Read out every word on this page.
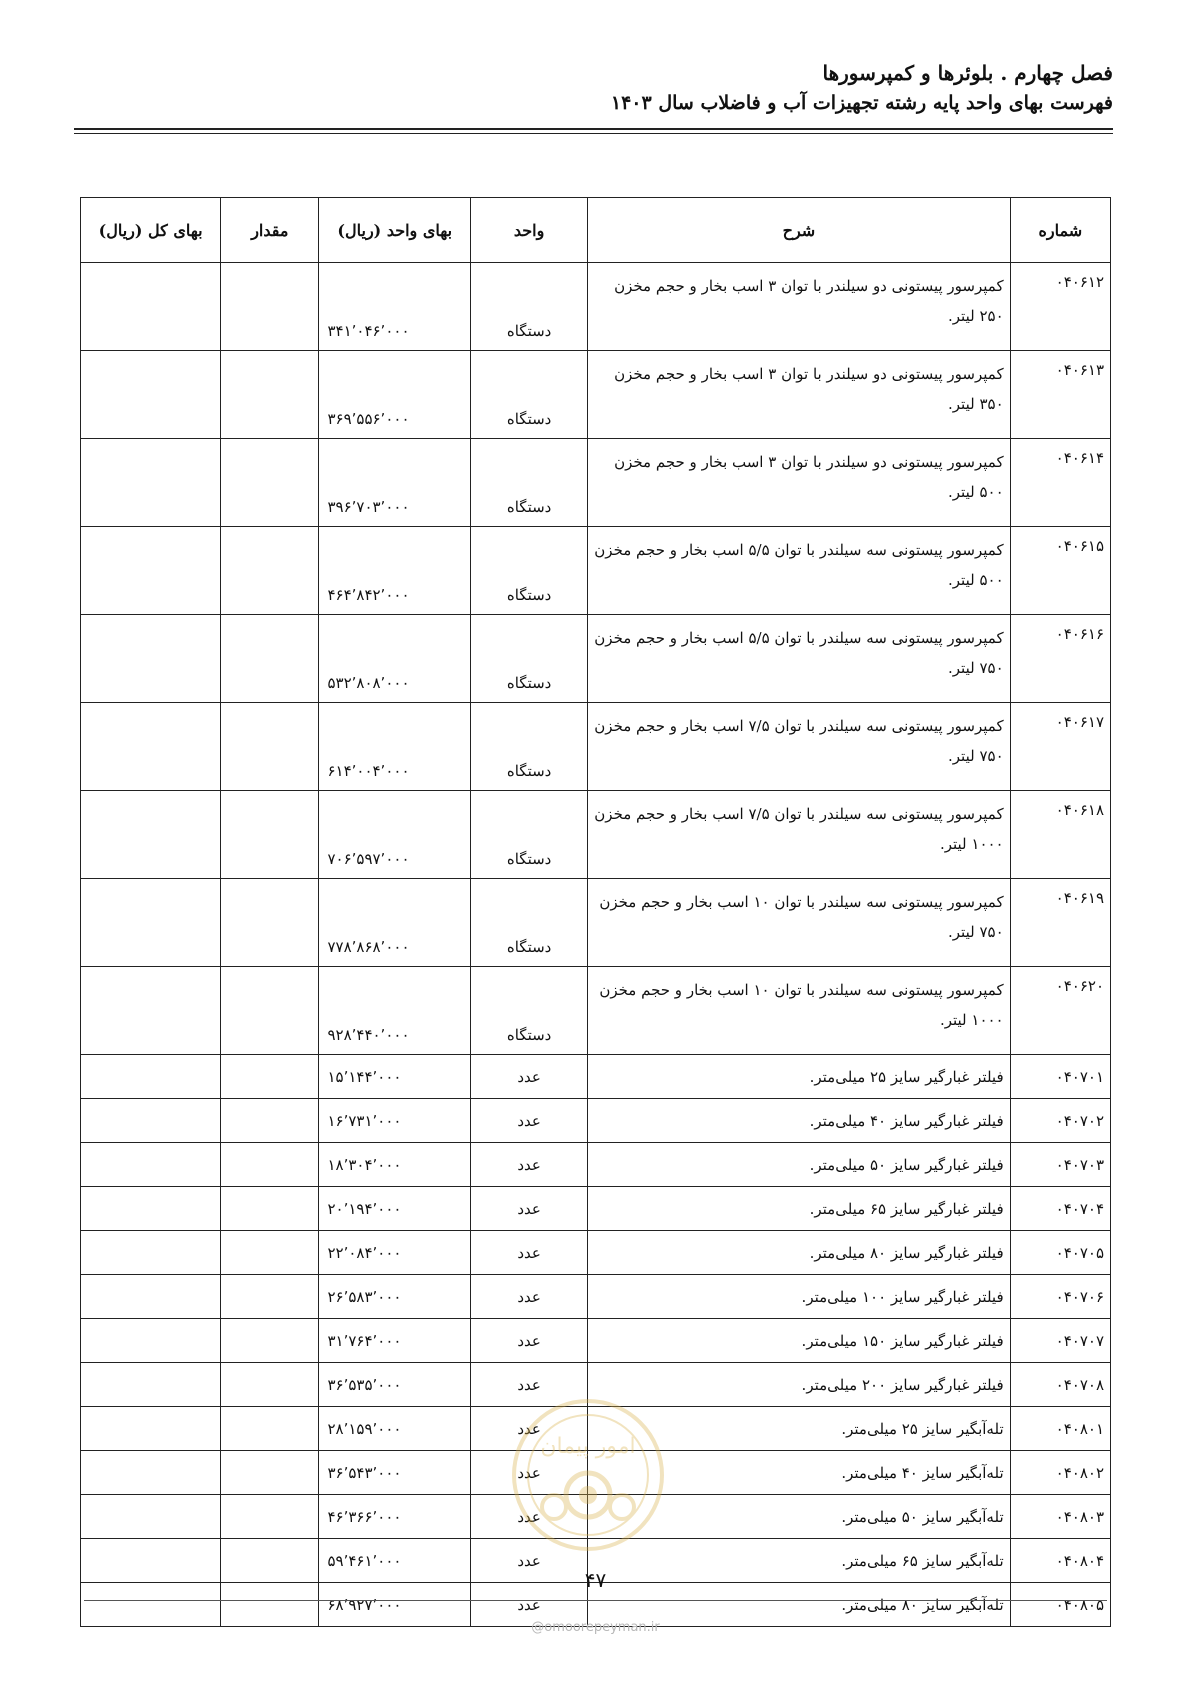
فصل چهارم . بلوئرها و کمپرسورها
فهرست بهای واحد پایه رشته تجهیزات آب و فاضلاب سال ۱۴۰۳
شماره	شرح	واحد	بهای واحد (ریال)	مقدار	بهای کل (ریال)
۰۴۰۶۱۲	کمپرسور پیستونی دو سیلندر با توان ۳ اسب بخار و حجم مخزن ۲۵۰ لیتر.	دستگاه	۳۴۱٬۰۴۶٬۰۰۰		
۰۴۰۶۱۳	کمپرسور پیستونی دو سیلندر با توان ۳ اسب بخار و حجم مخزن ۳۵۰ لیتر.	دستگاه	۳۶۹٬۵۵۶٬۰۰۰		
۰۴۰۶۱۴	کمپرسور پیستونی دو سیلندر با توان ۳ اسب بخار و حجم مخزن ۵۰۰ لیتر.	دستگاه	۳۹۶٬۷۰۳٬۰۰۰		
۰۴۰۶۱۵	کمپرسور پیستونی سه سیلندر با توان ۵/۵ اسب بخار و حجم مخزن ۵۰۰ لیتر.	دستگاه	۴۶۴٬۸۴۲٬۰۰۰		
۰۴۰۶۱۶	کمپرسور پیستونی سه سیلندر با توان ۵/۵ اسب بخار و حجم مخزن ۷۵۰ لیتر.	دستگاه	۵۳۲٬۸۰۸٬۰۰۰		
۰۴۰۶۱۷	کمپرسور پیستونی سه سیلندر با توان ۷/۵ اسب بخار و حجم مخزن ۷۵۰ لیتر.	دستگاه	۶۱۴٬۰۰۴٬۰۰۰		
۰۴۰۶۱۸	کمپرسور پیستونی سه سیلندر با توان ۷/۵ اسب بخار و حجم مخزن ۱۰۰۰ لیتر.	دستگاه	۷۰۶٬۵۹۷٬۰۰۰		
۰۴۰۶۱۹	کمپرسور پیستونی سه سیلندر با توان ۱۰ اسب بخار و حجم مخزن ۷۵۰ لیتر.	دستگاه	۷۷۸٬۸۶۸٬۰۰۰		
۰۴۰۶۲۰	کمپرسور پیستونی سه سیلندر با توان ۱۰ اسب بخار و حجم مخزن ۱۰۰۰ لیتر.	دستگاه	۹۲۸٬۴۴۰٬۰۰۰		
۰۴۰۷۰۱	فیلتر غبارگیر سایز ۲۵ میلی‌متر.	عدد	۱۵٬۱۴۴٬۰۰۰		
۰۴۰۷۰۲	فیلتر غبارگیر سایز ۴۰ میلی‌متر.	عدد	۱۶٬۷۳۱٬۰۰۰		
۰۴۰۷۰۳	فیلتر غبارگیر سایز ۵۰ میلی‌متر.	عدد	۱۸٬۳۰۴٬۰۰۰		
۰۴۰۷۰۴	فیلتر غبارگیر سایز ۶۵ میلی‌متر.	عدد	۲۰٬۱۹۴٬۰۰۰		
۰۴۰۷۰۵	فیلتر غبارگیر سایز ۸۰ میلی‌متر.	عدد	۲۲٬۰۸۴٬۰۰۰		
۰۴۰۷۰۶	فیلتر غبارگیر سایز ۱۰۰ میلی‌متر.	عدد	۲۶٬۵۸۳٬۰۰۰		
۰۴۰۷۰۷	فیلتر غبارگیر سایز ۱۵۰ میلی‌متر.	عدد	۳۱٬۷۶۴٬۰۰۰		
۰۴۰۷۰۸	فیلتر غبارگیر سایز ۲۰۰ میلی‌متر.	عدد	۳۶٬۵۳۵٬۰۰۰		
۰۴۰۸۰۱	تله‌آبگیر سایز ۲۵ میلی‌متر.	عدد	۲۸٬۱۵۹٬۰۰۰		
۰۴۰۸۰۲	تله‌آبگیر سایز ۴۰ میلی‌متر.	عدد	۳۶٬۵۴۳٬۰۰۰		
۰۴۰۸۰۳	تله‌آبگیر سایز ۵۰ میلی‌متر.	عدد	۴۶٬۳۶۶٬۰۰۰		
۰۴۰۸۰۴	تله‌آبگیر سایز ۶۵ میلی‌متر.	عدد	۵۹٬۴۶۱٬۰۰۰		
۰۴۰۸۰۵	تله‌آبگیر سایز ۸۰ میلی‌متر.	عدد	۶۸٬۹۲۷٬۰۰۰		
امور پیمان
۴۷
@omoorepeyman.ir
